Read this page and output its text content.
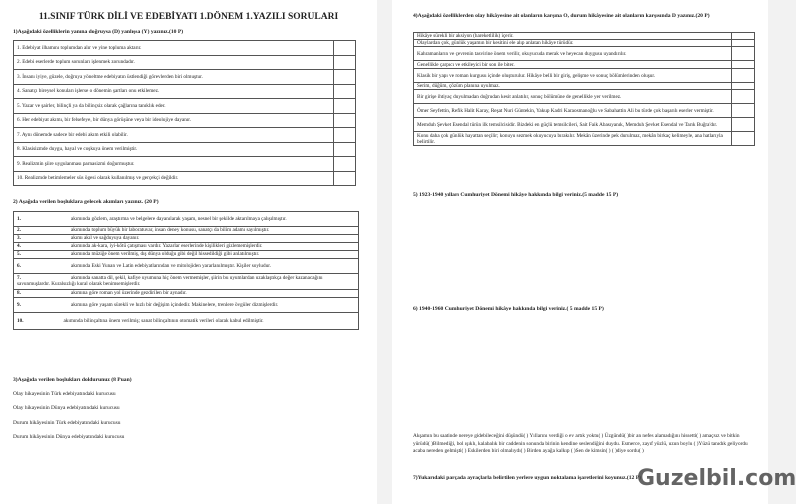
11.SINIF TÜRK DİLİ VE EDEBİYATI 1.DÖNEM 1.YAZILI SORULARI
1)Aşağıdaki özelliklerin yanına doğruysa (D) yanlışsa (Y) yazınız.(10 P)
1. Edebiyat ilhamını toplumdan alır ve yine topluma aktarır.	
2. Edebi eserlerde toplum sorunları işlenmek zorundadır.	
3. İnsanı iyiye, güzele, doğruya yöneltme edebiyatın üstlendiği görevlerden biri olmuştur.	
4. Sanatçı bireysel konuları işlerse o dönemin şartları onu etkilemez.	
5. Yazar ve şairler, bilinçli ya da bilinçsiz olarak çağlarına tanıklık eder.	
6. Her edebiyat akımı, bir felsefeye, bir dünya görüşüne veya bir ideolojiye dayanır.	
7. Aynı dönemde sadece bir edebi akım etkili olabilir.	
8. Klasisizmde duygu, hayal ve coşkuya önem verilmiştir.	
9. Realizmin şiire uygulanması parnasizmi doğurmuştur.	
10. Realizmde betimlemeler süs ögesi olarak kullanılmış ve gerçekçi değildir.	
2) Aşağıda verilen boşluklara gelecek akımları yazınız. (20 P)
1.	akımında gözlem, araştırma ve belgelere dayanılarak yaşam, nesnel bir şekilde aktarılmaya çalışılmıştır.
2.	akımında toplum büyük bir laboratuvar, insan deney konusu, sanatçı da bilim adamı sayılmıştır.
3.	akımı akıl ve sağduyuya dayanır.
4.	akımında ak-kara, iyi-kötü çatışması vardır. Yazarlar eserlerinde kişilikleri gizlememişlerdir.
5.	akımında müziğe önem verilmiş, dış dünya olduğu gibi değil hissedildiği gibi anlatılmıştır.
6.	akımında Eski Yunan ve Latin edebiyatlarından ve mitolojiden yararlanılmıştır. Kişiler soyludur.
7.	akımında sanatta dil, şekil, kafiye uyumuna hiç önem vermemişler, şiirin bu uyumlardan uzaklaştıkça değer kazanacağını savunmuşlardır. Kuralsızlığı kural olarak benimsemişlerdir.
8.	akımına göre roman yol üzerinde gezdirilen bir aynadır.
9.	akımına göre yaşam sürekli ve hızlı bir değişim içindedir. Makinelere, trenlere övgüler dizmişlerdir.
10.	akımında bilinçaltına önem verilmiş; sanat bilinçaltının otomatik verileri olarak kabul edilmiştir.
3)Aşağıda verilen boşlukları doldurunuz (8 Puan)
Olay hikayesinin Türk edebiyatındaki kurucusu
Olay hikayesinin Dünya edebiyatındaki kurucusu
Durum hikâyesinin Türk edebiyatındaki kurucusu
Durum hikâyesinin Dünya edebiyatındaki kurucusu
4)Aşağıdaki özelliklerden olay hikâyesine ait olanların karşına O, durum hikâyesine ait olanların karşısında D yazınız.(20 P)
Hikâye sürekli bir aksiyon (hareketlilik) içerir.	
Olaylardan çok, günlük yaşamın bir kesitini ele alıp anlatan hikâye türüdür.	
Kahramanların ve çevrenin tasvirine önem verilir, okuyucuda merak ve heyecan duygusu uyandırılır.	
Genellikle çarpıcı ve etkileyici bir son ile biter.	
Klasik bir yapı ve roman kurgusu içinde oluşturulur. Hikâye belli bir giriş, gelişme ve sonuç bölümlerinden oluşur.	
Serim, düğüm, çözüm planına uyulmaz.	
Bir girişe ihtiyaç duyulmadan doğrudan kesit anlatılır, sonuç bölümüne de genellikle yer verilmez.	
Ömer Seyfettin, Refik Halit Karay, Reşat Nuri Güntekin, Yakup Kadri Karaosmanoğlu ve Sabahattin Ali bu türde çok başarılı eserler vermiştir.	
Memduh Şevket Esendal türün ilk temsilcisidir. Bizdeki en güçlü temsilcileri, Sait Faik Abasıyanık, Memduh Şevket Esendal ve Tarık Buğra'dır.	
Konu daha çok günlük hayattan seçilir; konuyu sezmek okuyucuya bırakılır. Mekân üzerinde pek durulmaz, mekân birkaç kelimeyle, ana hatlarıyla belirtilir.	
5) 1923-1940 yılları Cumhuriyet Dönemi hikâye hakkında bilgi veriniz.(5 madde 15 P)
6) 1940-1960 Cumhuriyet Dönemi hikâye hakkında bilgi veriniz.( 5 madde 15 P)
Akşamın bu saatinde nereye gidebileceğini düşündü( ) Yıllarını verdiği o ev artık yoktu( ) Üzgündü( )bir an nefes alamadığını hissetti( ) amaçsız ve bitkin yürüdü( )Bilmediği, bol ışıklı, kalabalık bir caddenin sonunda birinin kendine seslendiğini duydu. Esmerce, zayıf yüzlü, uzun boylu ( )Yüzü tanıdık geliyordu acaba nereden gelmişti( ) Eskilerden biri olmalıydı( ) Birden ayağa kalkıp ( )Sen de kimsin( ) ( )diye sordu( )
7)Yukarıdaki parçada ayraçlarla belirtilen yerlere uygun noktalama işaretlerini koyunuz.(12 P)
Guzelbil.com
